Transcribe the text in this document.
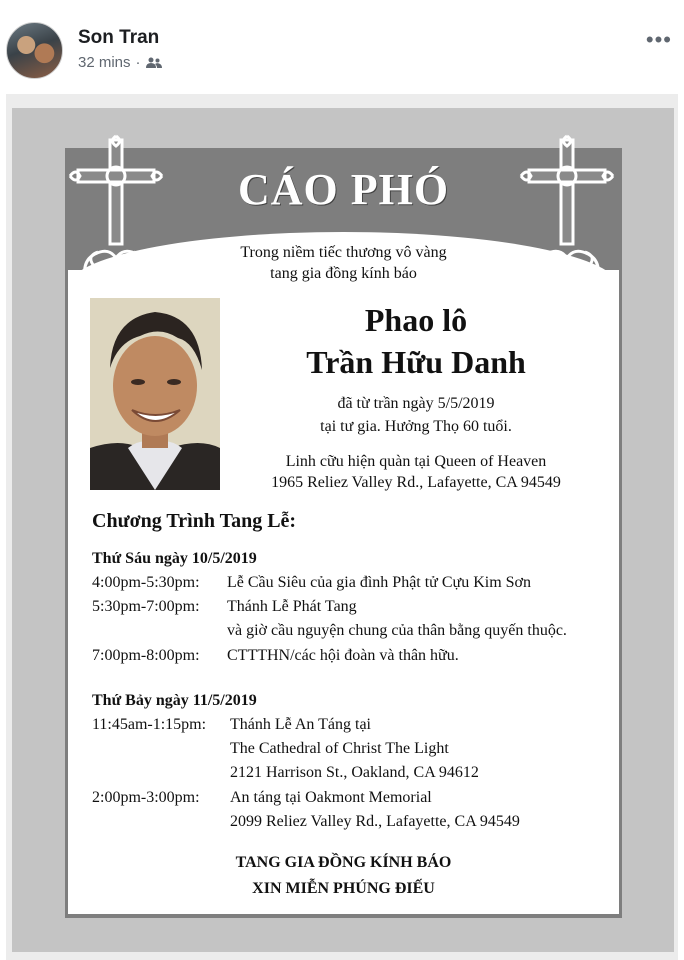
Son Tran
32 mins ·
•••
CÁO PHÓ
Trong niềm tiếc thương vô vàng
tang gia đồng kính báo
Phao lô
Trần Hữu Danh
đã từ trần ngày 5/5/2019
tại tư gia. Hưởng Thọ 60 tuổi.
Linh cữu hiện quàn tại Queen of Heaven
1965 Reliez Valley Rd., Lafayette, CA 94549
Chương Trình Tang Lễ:
Thứ Sáu ngày 10/5/2019
4:00pm-5:30pm: Lễ Cầu Siêu của gia đình Phật tử Cựu Kim Sơn
5:30pm-7:00pm: Thánh Lễ Phát Tang
và giờ cầu nguyện chung của thân bằng quyến thuộc.
7:00pm-8:00pm: CTTTHN/các hội đoàn và thân hữu.
Thứ Bảy ngày 11/5/2019
11:45am-1:15pm: Thánh Lễ An Táng tại
The Cathedral of Christ The Light
2121 Harrison St., Oakland, CA 94612
2:00pm-3:00pm: An táng tại Oakmont Memorial
2099 Reliez Valley Rd., Lafayette, CA 94549
TANG GIA ĐỒNG KÍNH BÁO
XIN MIỄN PHÚNG ĐIẾU
